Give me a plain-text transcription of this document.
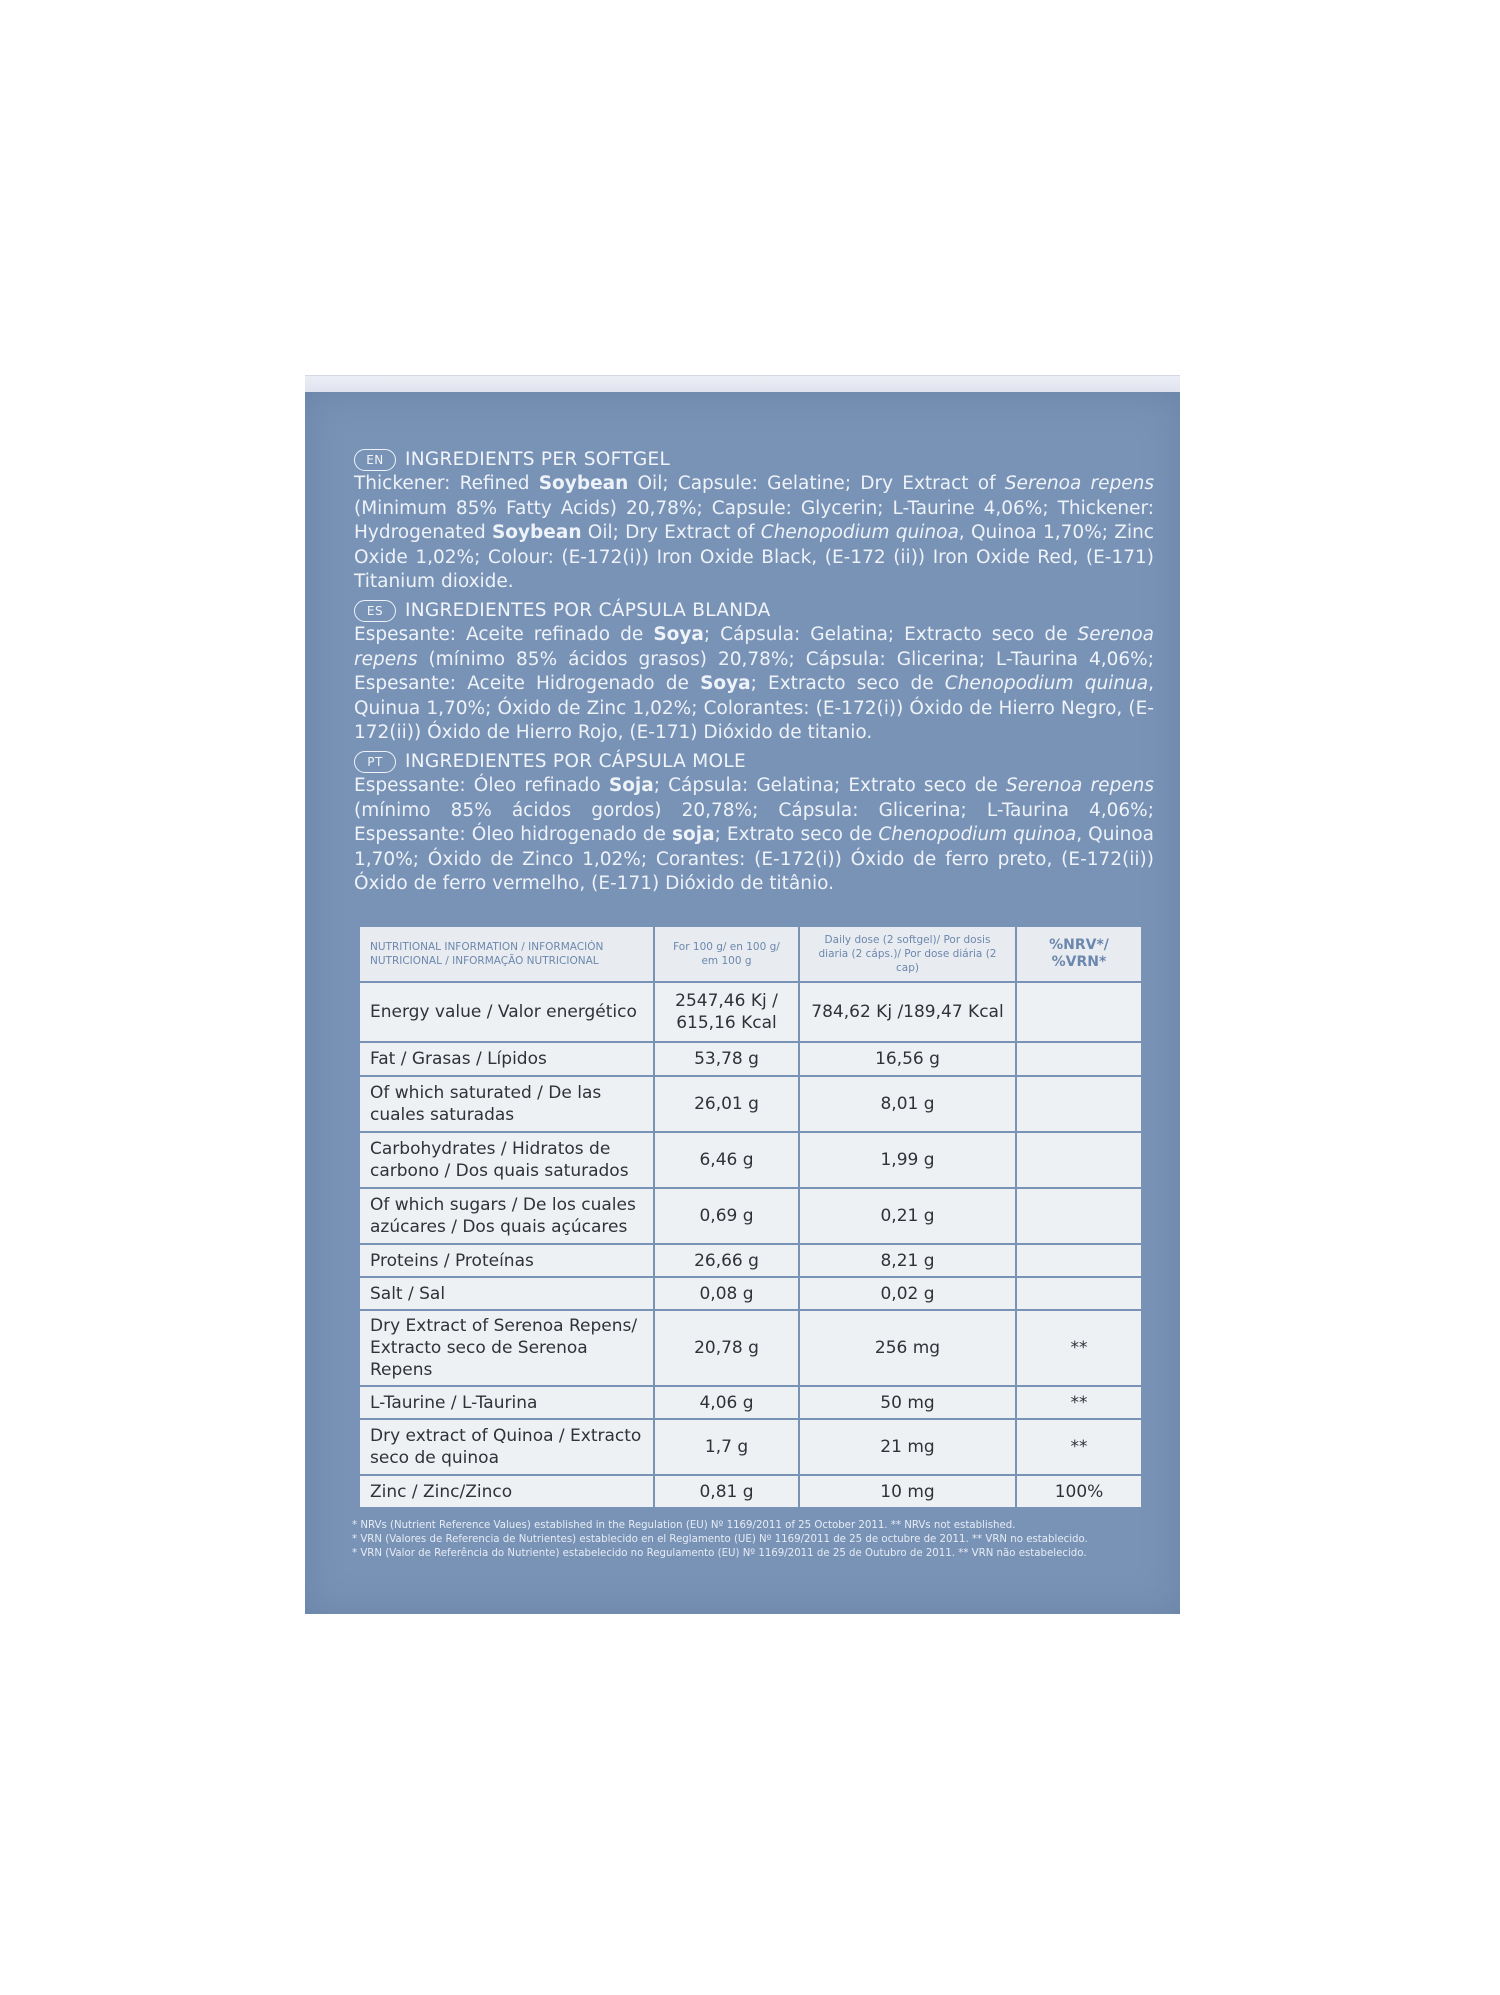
EN	INGREDIENTS PER SOFTGEL
Thickener: Refined Soybean Oil; Capsule: Gelatine; Dry Extract of Serenoa repens (Minimum 85% Fatty Acids) 20,78%; Capsule: Glycerin; L-Taurine 4,06%; Thickener: Hydrogenated Soybean Oil; Dry Extract of Chenopodium quinoa, Quinoa 1,70%; Zinc Oxide 1,02%; Colour: (E-172(i)) Iron Oxide Black, (E-172 (ii)) Iron Oxide Red, (E-171) Titanium dioxide.
ES	INGREDIENTES POR CÁPSULA BLANDA
Espesante: Aceite refinado de Soya; Cápsula: Gelatina; Extracto seco de Serenoa repens (mínimo 85% ácidos grasos) 20,78%; Cápsula: Glicerina; L-Taurina 4,06%; Espesante: Aceite Hidrogenado de Soya; Extracto seco de Chenopodium quinua, Quinua 1,70%; Óxido de Zinc 1,02%; Colorantes: (E-172(i)) Óxido de Hierro Negro, (E-172(ii)) Óxido de Hierro Rojo, (E-171) Dióxido de titanio.
PT	INGREDIENTES POR CÁPSULA MOLE
Espessante: Óleo refinado Soja; Cápsula: Gelatina; Extrato seco de Serenoa repens (mínimo 85% ácidos gordos) 20,78%; Cápsula: Glicerina; L-Taurina 4,06%; Espessante: Óleo hidrogenado de soja; Extrato seco de Chenopodium quinoa, Quinoa 1,70%; Óxido de Zinco 1,02%; Corantes: (E-172(i)) Óxido de ferro preto, (E-172(ii)) Óxido de ferro vermelho, (E-171) Dióxido de titânio.
NUTRITIONAL INFORMATION / INFORMACIÓN NUTRICIONAL / INFORMAÇÃO NUTRICIONAL	For 100 g/ en 100 g/ em 100 g	Daily dose (2 softgel)/ Por dosis diaria (2 cáps.)/ Por dose diária (2 cap)	%NRV*/ %VRN*
Energy value / Valor energético	2547,46 Kj / 615,16 Kcal	784,62 Kj /189,47 Kcal	
Fat / Grasas / Lípidos	53,78 g	16,56 g	
Of which saturated / De las cuales saturadas	26,01 g	8,01 g	
Carbohydrates / Hidratos de carbono / Dos quais saturados	6,46 g	1,99 g	
Of which sugars / De los cuales azúcares / Dos quais açúcares	0,69 g	0,21 g	
Proteins / Proteínas	26,66 g	8,21 g	
Salt / Sal	0,08 g	0,02 g	
Dry Extract of Serenoa Repens/ Extracto seco de Serenoa Repens	20,78 g	256 mg	**
L-Taurine / L-Taurina	4,06 g	50 mg	**
Dry extract of Quinoa / Extracto seco de quinoa	1,7 g	21 mg	**
Zinc / Zinc/Zinco	0,81 g	10 mg	100%
* NRVs (Nutrient Reference Values) established in the Regulation (EU) Nº 1169/2011 of 25 October 2011. ** NRVs not established.
* VRN (Valores de Referencia de Nutrientes) establecido en el Reglamento (UE) Nº 1169/2011 de 25 de octubre de 2011. ** VRN no establecido.
* VRN (Valor de Referência do Nutriente) estabelecido no Regulamento (EU) Nº 1169/2011 de 25 de Outubro de 2011. ** VRN não estabelecido.
